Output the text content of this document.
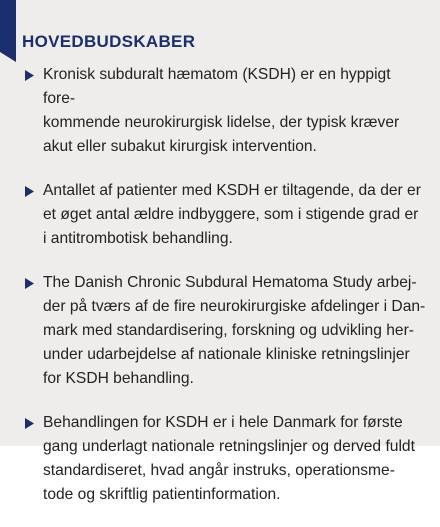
HOVEDBUDSKABER
Kronisk subduralt hæmatom (KSDH) er en hyppigt fore-
kommende neurokirurgisk lidelse, der typisk kræver
akut eller subakut kirurgisk intervention.
Antallet af patienter med KSDH er tiltagende, da der er
et øget antal ældre indbyggere, som i stigende grad er
i antitrombotisk behandling.
The Danish Chronic Subdural Hematoma Study arbej-
der på tværs af de fire neurokirurgiske afdelinger i Dan-
mark med standardisering, forskning og udvikling her-
under udarbejdelse af nationale kliniske retningslinjer
for KSDH behandling.
Behandlingen for KSDH er i hele Danmark for første
gang underlagt nationale retningslinjer og derved fuldt
standardiseret, hvad angår instruks, operationsme-
tode og skriftlig patientinformation.
